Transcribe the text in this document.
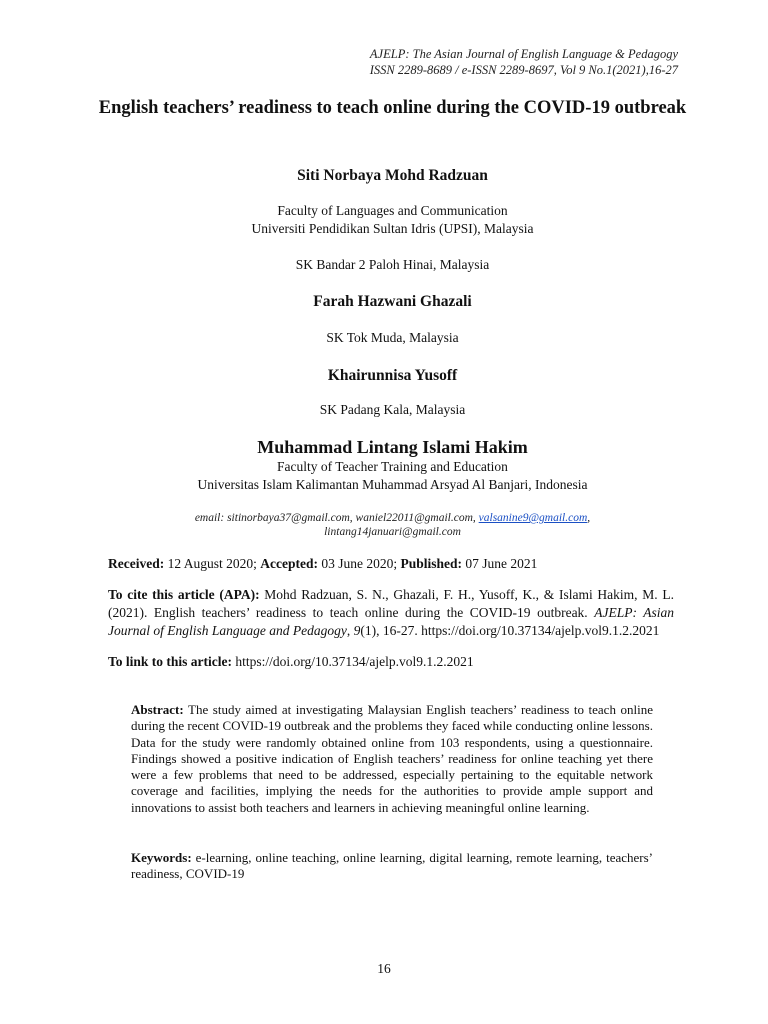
AJELP: The Asian Journal of English Language & Pedagogy
ISSN 2289-8689 / e-ISSN 2289-8697, Vol 9 No.1(2021),16-27
English teachers’ readiness to teach online during the COVID-19 outbreak
Siti Norbaya Mohd Radzuan
Faculty of Languages and Communication
Universiti Pendidikan Sultan Idris (UPSI), Malaysia
SK Bandar 2 Paloh Hinai, Malaysia
Farah Hazwani Ghazali
SK Tok Muda, Malaysia
Khairunnisa Yusoff
SK Padang Kala, Malaysia
Muhammad Lintang Islami Hakim
Faculty of Teacher Training and Education
Universitas Islam Kalimantan Muhammad Arsyad Al Banjari, Indonesia
email: sitinorbaya37@gmail.com, waniel22011@gmail.com, valsanine9@gmail.com,
lintang14januari@gmail.com
Received: 12 August 2020; Accepted: 03 June 2020; Published: 07 June 2021
To cite this article (APA): Mohd Radzuan, S. N., Ghazali, F. H., Yusoff, K., & Islami Hakim, M. L. (2021). English teachers’ readiness to teach online during the COVID-19 outbreak. AJELP: Asian Journal of English Language and Pedagogy, 9(1), 16-27. https://doi.org/10.37134/ajelp.vol9.1.2.2021
To link to this article: https://doi.org/10.37134/ajelp.vol9.1.2.2021
Abstract: The study aimed at investigating Malaysian English teachers’ readiness to teach online during the recent COVID-19 outbreak and the problems they faced while conducting online lessons. Data for the study were randomly obtained online from 103 respondents, using a questionnaire. Findings showed a positive indication of English teachers’ readiness for online teaching yet there were a few problems that need to be addressed, especially pertaining to the equitable network coverage and facilities, implying the needs for the authorities to provide ample support and innovations to assist both teachers and learners in achieving meaningful online learning.
Keywords: e-learning, online teaching, online learning, digital learning, remote learning, teachers’ readiness, COVID-19
16
